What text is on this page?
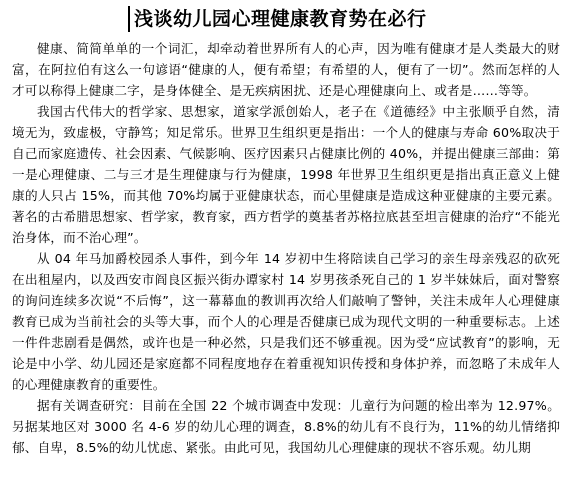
浅谈幼儿园心理健康教育势在必行

健康、简简单单的一个词汇，却牵动着世界所有人的心声，因为唯有健康才是人类最大的财富，在阿拉伯有这么一句谚语“健康的人，便有希望；有希望的人，便有了一切”。然而怎样的人才可以称得上健康二字，是身体健全、是无疾病困扰、还是心理健康向上、或者是……等等。

我国古代伟大的哲学家、思想家，道家学派创始人，老子在《道德经》中主张顺乎自然，清境无为，致虚极，守静笃；知足常乐。世界卫生组织更是指出：一个人的健康与寿命 60%取决于自己而家庭遗传、社会因素、气候影响、医疗因素只占健康比例的 40%，并提出健康三部曲：第一是心理健康、二与三才是生理健康与行为健康，1998 年世界卫生组织更是指出真正意义上健康的人只占 15%，而其他 70%均属于亚健康状态，而心里健康是造成这种亚健康的主要元素。著名的古希腊思想家、哲学家，教育家，西方哲学的奠基者苏格拉底甚至坦言健康的治疗“不能光治身体，而不治心理”。

从 04 年马加爵校园杀人事件，到今年 14 岁初中生将陪读自己学习的亲生母亲残忍的砍死在出租屋内，以及西安市阎良区振兴街办谭家村 14 岁男孩杀死自己的 1 岁半妹妹后，面对警察的询问连续多次说“不后悔”，这一幕幕血的教训再次给人们敲响了警钟，关注未成年人心理健康教育已成为当前社会的头等大事，而个人的心理是否健康已成为现代文明的一种重要标志。上述一件件悲剧看是偶然，或许也是一种必然，只是我们还不够重视。因为受“应试教育”的影响，无论是中小学、幼儿园还是家庭都不同程度地存在着重视知识传授和身体护养，而忽略了未成年人的心理健康教育的重要性。

据有关调查研究：目前在全国 22 个城市调查中发现：儿童行为问题的检出率为 12.97%。另据某地区对 3000 名 4-6 岁的幼儿心理的调查，8.8%的幼儿有不良行为，11%的幼儿情绪抑郁、自卑，8.5%的幼儿忧虑、紧张。由此可见，我国幼儿心理健康的现状不容乐观。幼儿期
